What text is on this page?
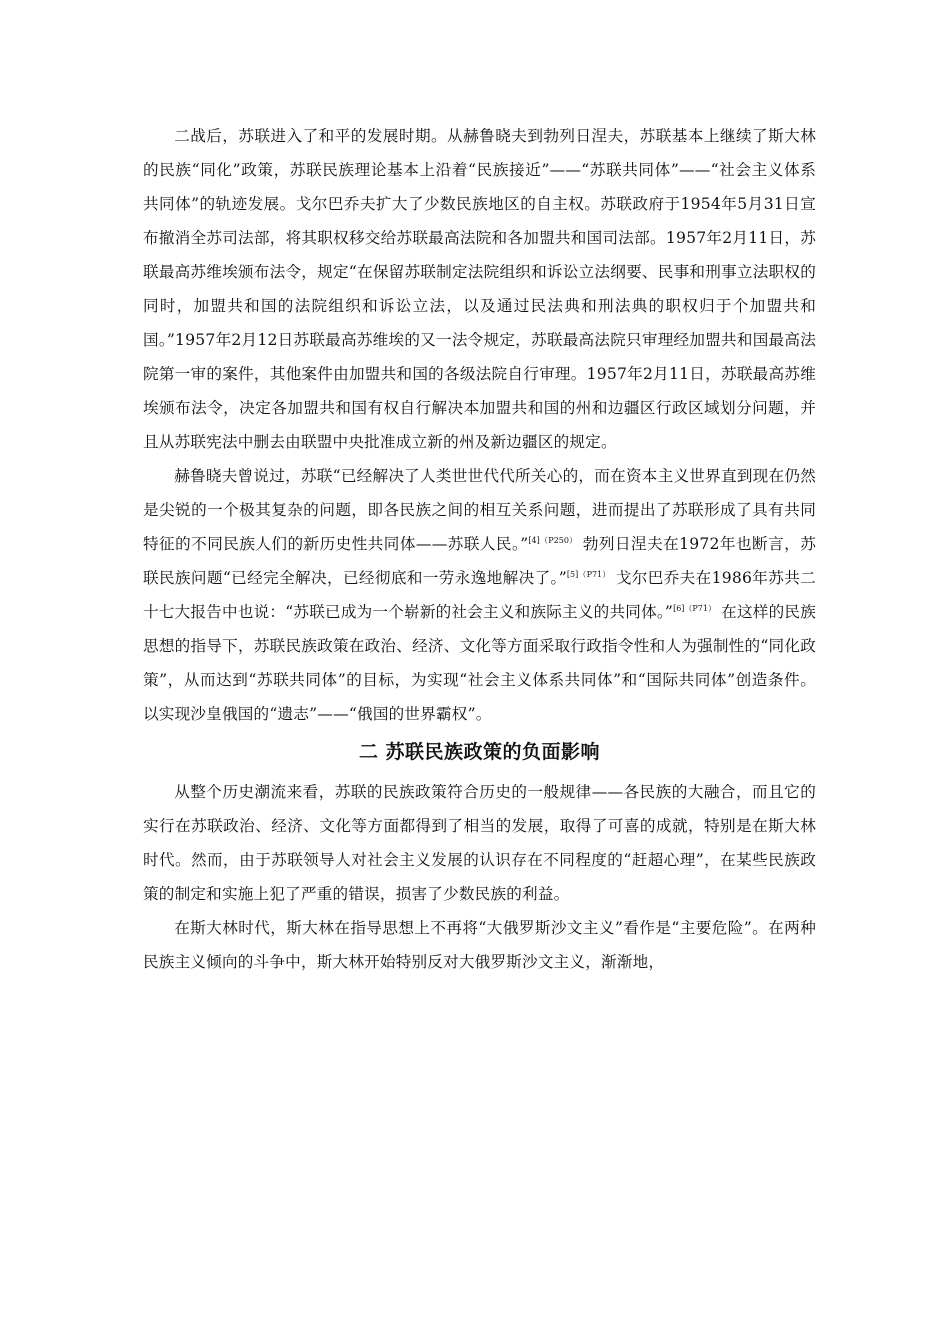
二战后，苏联进入了和平的发展时期。从赫鲁晓夫到勃列日涅夫，苏联基本上继续了斯大林的民族“同化”政策，苏联民族理论基本上沿着“民族接近”——“苏联共同体”——“社会主义体系共同体”的轨迹发展。戈尔巴乔夫扩大了少数民族地区的自主权。苏联政府于1954年5月31日宣布撤消全苏司法部，将其职权移交给苏联最高法院和各加盟共和国司法部。1957年2月11日，苏联最高苏维埃颁布法令，规定“在保留苏联制定法院组织和诉讼立法纲要、民事和刑事立法职权的同时，加盟共和国的法院组织和诉讼立法，以及通过民法典和刑法典的职权归于个加盟共和国。”1957年2月12日苏联最高苏维埃的又一法令规定，苏联最高法院只审理经加盟共和国最高法院第一审的案件，其他案件由加盟共和国的各级法院自行审理。1957年2月11日，苏联最高苏维埃颁布法令，决定各加盟共和国有权自行解决本加盟共和国的州和边疆区行政区域划分问题，并且从苏联宪法中删去由联盟中央批准成立新的州及新边疆区的规定。

赫鲁晓夫曾说过，苏联“已经解决了人类世世代代所关心的，而在资本主义世界直到现在仍然是尖锐的一个极其复杂的问题，即各民族之间的相互关系问题，进而提出了苏联形成了具有共同特征的不同民族人们的新历史性共同体——苏联人民。”$^{[4](P250)}$ 勃列日涅夫在1972年也断言，苏联民族问题“已经完全解决，已经彻底和一劳永逸地解决了。”$^{[5](P71)}$ 戈尔巴乔夫在1986年苏共二十七大报告中也说：“苏联已成为一个崭新的社会主义和族际主义的共同体。”$^{[6](P71)}$ 在这样的民族思想的指导下，苏联民族政策在政治、经济、文化等方面采取行政指令性和人为强制性的“同化政策”，从而达到“苏联共同体”的目标，为实现“社会主义体系共同体”和“国际共同体”创造条件。以实现沙皇俄国的“遗志”——“俄国的世界霸权”。

二 苏联民族政策的负面影响

从整个历史潮流来看，苏联的民族政策符合历史的一般规律——各民族的大融合，而且它的实行在苏联政治、经济、文化等方面都得到了相当的发展，取得了可喜的成就，特别是在斯大林时代。然而，由于苏联领导人对社会主义发展的认识存在不同程度的“赶超心理”，在某些民族政策的制定和实施上犯了严重的错误，损害了少数民族的利益。

在斯大林时代，斯大林在指导思想上不再将“大俄罗斯沙文主义”看作是“主要危险”。在两种民族主义倾向的斗争中，斯大林开始特别反对大俄罗斯沙文主义，渐渐地，
